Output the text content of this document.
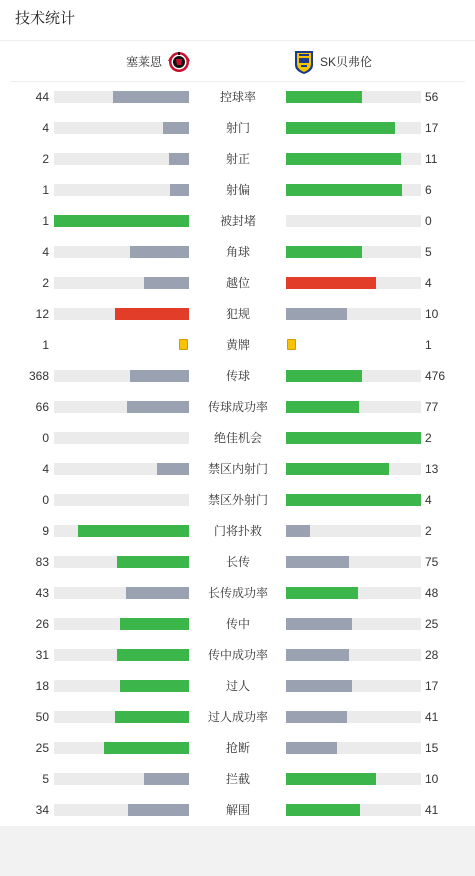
技术统计
塞莱恩	SK贝弗伦
44	控球率	56
4	射门	17
2	射正	11
1	射偏	6
1	被封堵	0
4	角球	5
2	越位	4
12	犯规	10
1	黄牌	1
368	传球	476
66	传球成功率	77
0	绝佳机会	2
4	禁区内射门	13
0	禁区外射门	4
9	门将扑救	2
83	长传	75
43	长传成功率	48
26	传中	25
31	传中成功率	28
18	过人	17
50	过人成功率	41
25	抢断	15
5	拦截	10
34	解围	41
